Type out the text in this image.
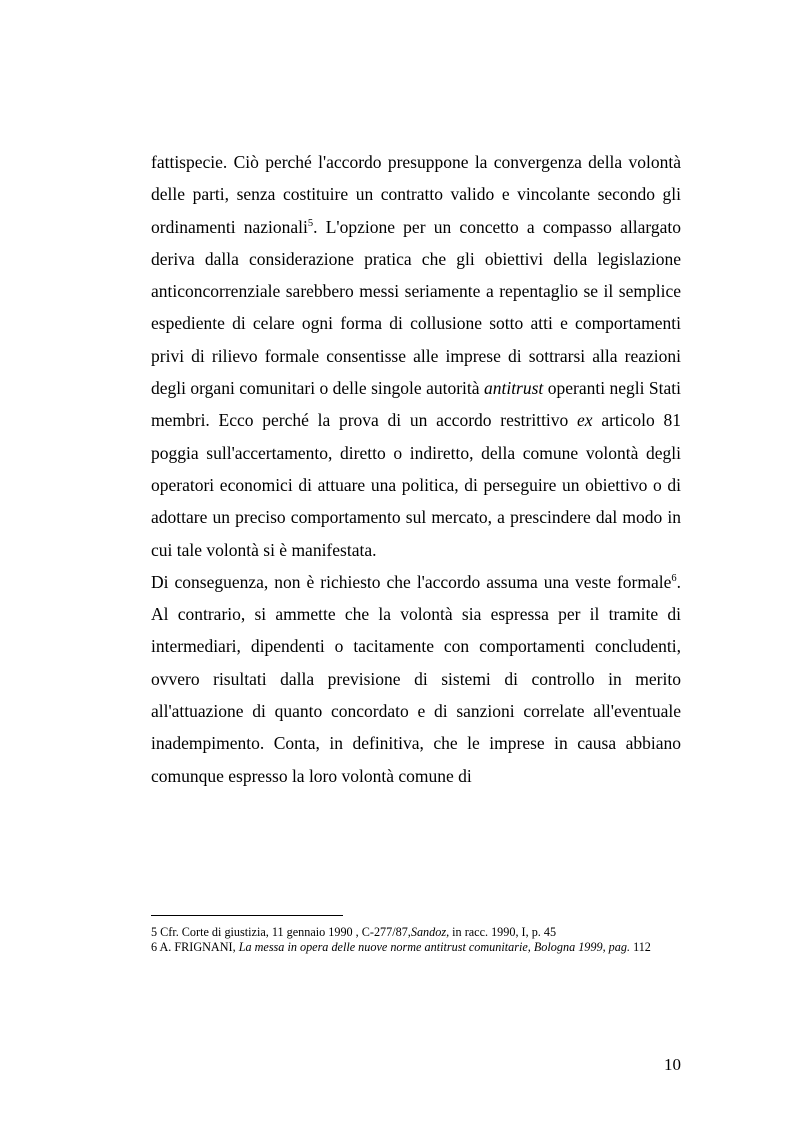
fattispecie. Ciò perché l'accordo presuppone la convergenza della volontà delle parti, senza costituire un contratto valido e vincolante secondo gli ordinamenti nazionali$^5$. L'opzione per un concetto a compasso allargato deriva dalla considerazione pratica che gli obiettivi della legislazione anticoncorrenziale sarebbero messi seriamente a repentaglio se il semplice espediente di celare ogni forma di collusione sotto atti e comportamenti privi di rilievo formale consentisse alle imprese di sottrarsi alla reazioni degli organi comunitari o delle singole autorità antitrust operanti negli Stati membri. Ecco perché la prova di un accordo restrittivo ex articolo 81 poggia sull'accertamento, diretto o indiretto, della comune volontà degli operatori economici di attuare una politica, di perseguire un obiettivo o di adottare un preciso comportamento sul mercato, a prescindere dal modo in cui tale volontà si è manifestata.

Di conseguenza, non è richiesto che l'accordo assuma una veste formale$^6$. Al contrario, si ammette che la volontà sia espressa per il tramite di intermediari, dipendenti o tacitamente con comportamenti concludenti, ovvero risultati dalla previsione di sistemi di controllo in merito all'attuazione di quanto concordato e di sanzioni correlate all'eventuale inadempimento. Conta, in definitiva, che le imprese in causa abbiano comunque espresso la loro volontà comune di

5 Cfr. Corte di giustizia, 11 gennaio 1990 , C-277/87,Sandoz, in racc. 1990, I, p. 45

6 A. FRIGNANI, La messa in opera delle nuove norme antitrust comunitarie, Bologna 1999, pag. 112

10
